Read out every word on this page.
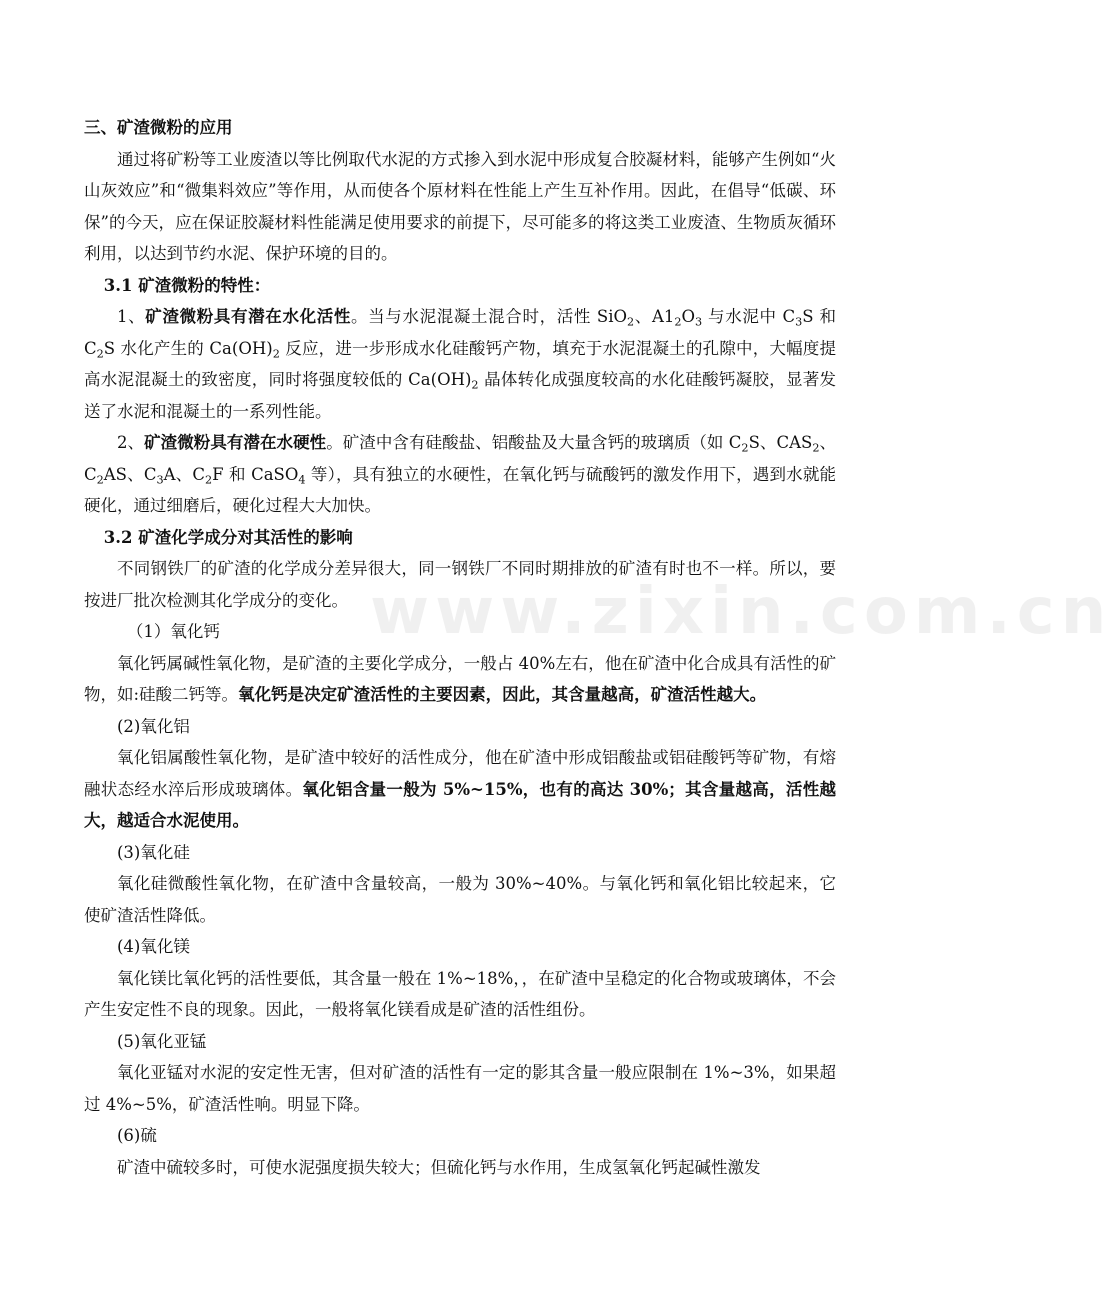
www.zixin.com.cn

三、矿渣微粉的应用

通过将矿粉等工业废渣以等比例取代水泥的方式掺入到水泥中形成复合胶凝材料，能够产生例如“火山灰效应”和“微集料效应”等作用，从而使各个原材料在性能上产生互补作用。因此，在倡导“低碳、环保”的今天，应在保证胶凝材料性能满足使用要求的前提下，尽可能多的将这类工业废渣、生物质灰循环利用，以达到节约水泥、保护环境的目的。

3.1 矿渣微粉的特性：

1、矿渣微粉具有潜在水化活性。当与水泥混凝土混合时，活性 SiO$_2$、$A1_2O_3$ 与水泥中 $C_3S$ 和 $C_2S$ 水化产生的 $Ca(OH)_2$ 反应，进一步形成水化硅酸钙产物，填充于水泥混凝土的孔隙中，大幅度提高水泥混凝土的致密度，同时将强度较低的 $Ca(OH)_2$ 晶体转化成强度较高的水化硅酸钙凝胶，显著发送了水泥和混凝土的一系列性能。

2、矿渣微粉具有潜在水硬性。矿渣中含有硅酸盐、铝酸盐及大量含钙的玻璃质（如 $C_2S$、$CAS_2$、$C_2AS$、$C_3A$、$C_2F$ 和 CaSO$_4$ 等），具有独立的水硬性，在氧化钙与硫酸钙的激发作用下，遇到水就能硬化，通过细磨后，硬化过程大大加快。

3.2 矿渣化学成分对其活性的影响

不同钢铁厂的矿渣的化学成分差异很大，同一钢铁厂不同时期排放的矿渣有时也不一样。所以，要按进厂批次检测其化学成分的变化。

（1）氧化钙

氧化钙属碱性氧化物，是矿渣的主要化学成分，一般占 40%左右，他在矿渣中化合成具有活性的矿物，如:硅酸二钙等。氧化钙是决定矿渣活性的主要因素，因此，其含量越高，矿渣活性越大。

(2)氧化铝

氧化铝属酸性氧化物，是矿渣中较好的活性成分，他在矿渣中形成铝酸盐或铝硅酸钙等矿物，有熔融状态经水淬后形成玻璃体。氧化铝含量一般为 5%~15%，也有的高达 30%；其含量越高，活性越大，越适合水泥使用。

(3)氧化硅

氧化硅微酸性氧化物，在矿渣中含量较高，一般为 30%~40%。与氧化钙和氧化铝比较起来，它使矿渣活性降低。

(4)氧化镁

氧化镁比氧化钙的活性要低，其含量一般在 1%~18%，，在矿渣中呈稳定的化合物或玻璃体，不会产生安定性不良的现象。因此，一般将氧化镁看成是矿渣的活性组份。

(5)氧化亚锰

氧化亚锰对水泥的安定性无害，但对矿渣的活性有一定的影其含量一般应限制在 1%~3%，如果超过 4%~5%，矿渣活性响。明显下降。

(6)硫

矿渣中硫较多时，可使水泥强度损失较大；但硫化钙与水作用，生成氢氧化钙起碱性激发
